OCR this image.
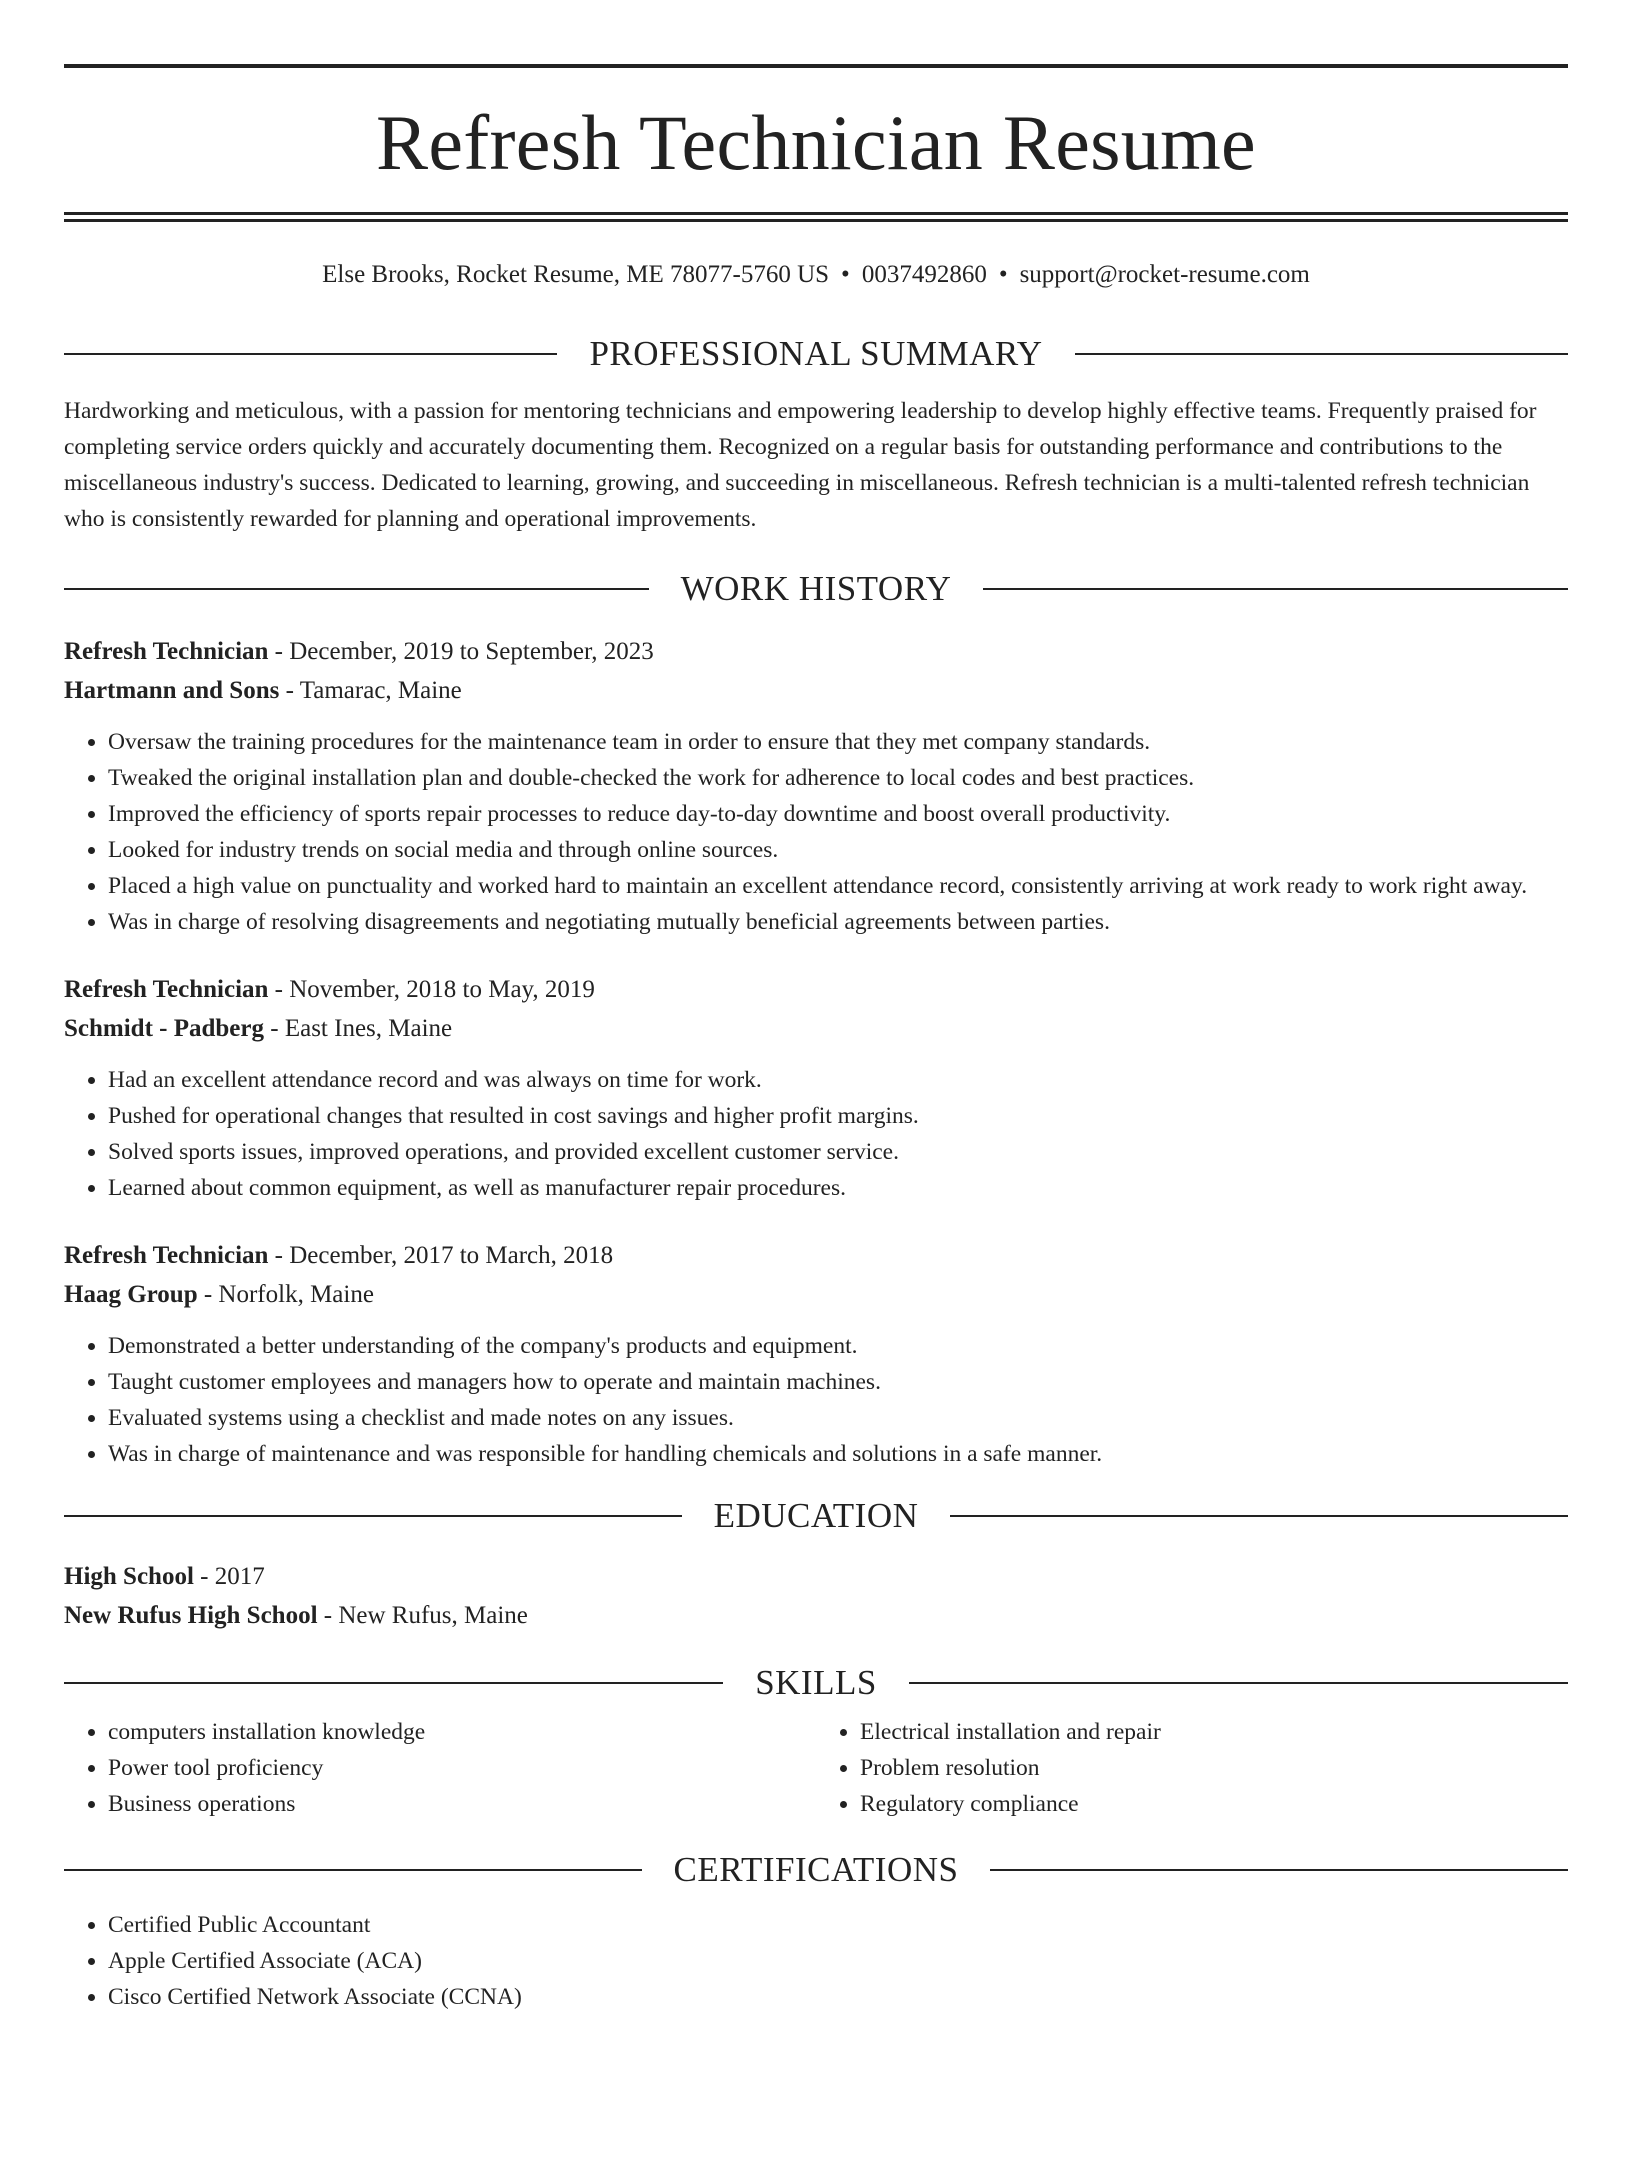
Refresh Technician Resume
Else Brooks, Rocket Resume, ME 78077-5760 US • 0037492860 • support@rocket-resume.com
PROFESSIONAL SUMMARY

Hardworking and meticulous, with a passion for mentoring technicians and empowering leadership to develop highly effective teams. Frequently praised for completing service orders quickly and accurately documenting them. Recognized on a regular basis for outstanding performance and contributions to the miscellaneous industry's success. Dedicated to learning, growing, and succeeding in miscellaneous. Refresh technician is a multi-talented refresh technician who is consistently rewarded for planning and operational improvements.

WORK HISTORY
Refresh Technician - December, 2019 to September, 2023
Hartmann and Sons - Tamarac, Maine
• Oversaw the training procedures for the maintenance team in order to ensure that they met company standards.
• Tweaked the original installation plan and double-checked the work for adherence to local codes and best practices.
• Improved the efficiency of sports repair processes to reduce day-to-day downtime and boost overall productivity.
• Looked for industry trends on social media and through online sources.
• Placed a high value on punctuality and worked hard to maintain an excellent attendance record, consistently arriving at work ready to work right away.
• Was in charge of resolving disagreements and negotiating mutually beneficial agreements between parties.
Refresh Technician - November, 2018 to May, 2019
Schmidt - Padberg - East Ines, Maine
• Had an excellent attendance record and was always on time for work.
• Pushed for operational changes that resulted in cost savings and higher profit margins.
• Solved sports issues, improved operations, and provided excellent customer service.
• Learned about common equipment, as well as manufacturer repair procedures.
Refresh Technician - December, 2017 to March, 2018
Haag Group - Norfolk, Maine
• Demonstrated a better understanding of the company's products and equipment.
• Taught customer employees and managers how to operate and maintain machines.
• Evaluated systems using a checklist and made notes on any issues.
• Was in charge of maintenance and was responsible for handling chemicals and solutions in a safe manner.
EDUCATION
High School - 2017
New Rufus High School - New Rufus, Maine
SKILLS
• computers installation knowledge
• Power tool proficiency
• Business operations
• Electrical installation and repair
• Problem resolution
• Regulatory compliance
CERTIFICATIONS
• Certified Public Accountant
• Apple Certified Associate (ACA)
• Cisco Certified Network Associate (CCNA)
